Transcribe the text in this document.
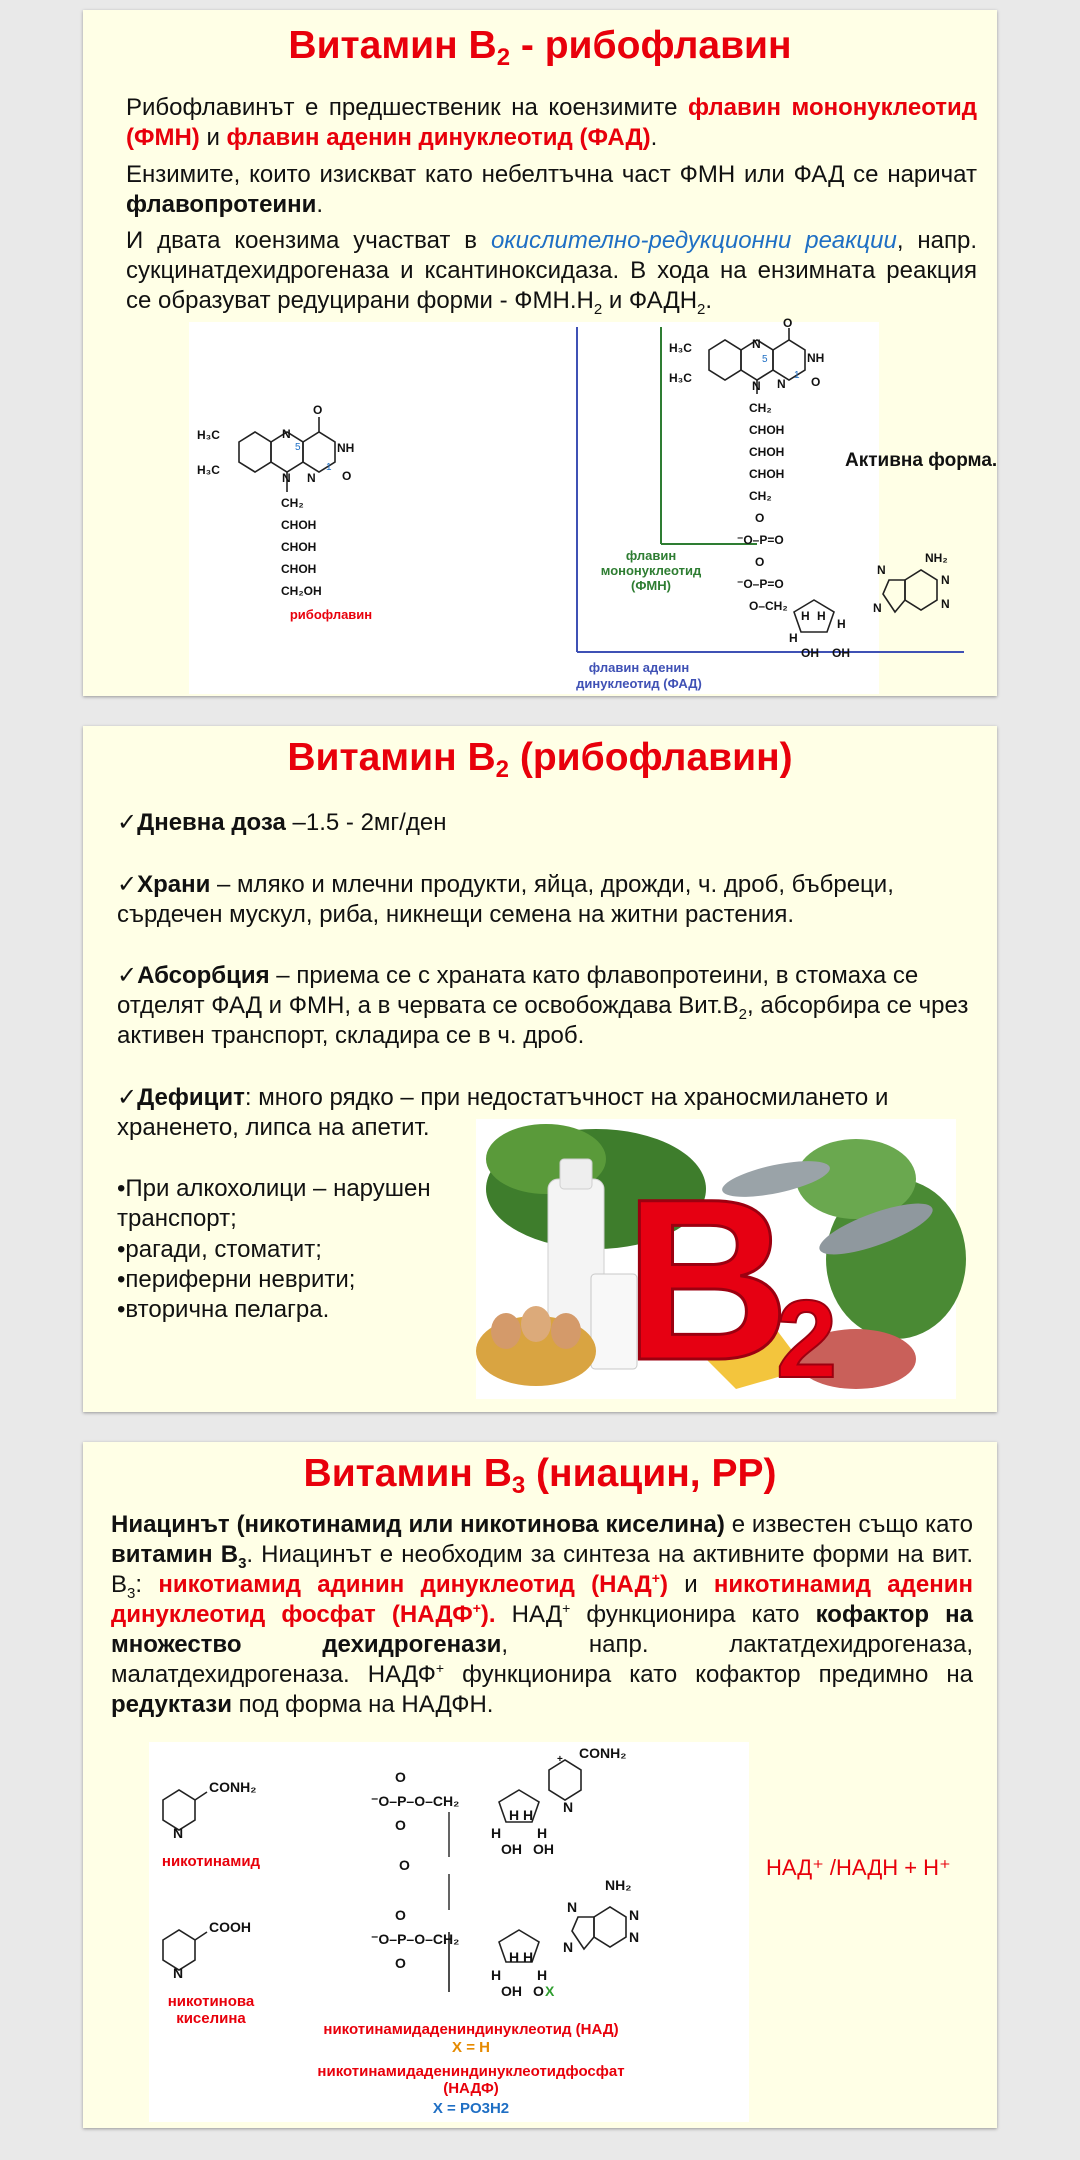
Витамин $B_2$ - рибофлавин

Рибофлавинът е предшественик на коензимите флавин мононуклеотид (ФМН) и флавин аденин динуклеотид (ФАД).

Ензимите, които изискват като небелтъчна част ФМН или ФАД се наричат флавопротеини.

И двата коензима участват в окислително-редукционни реакции, напр. сукцинатдехидрогеназа и ксантиноксидаза. В хода на ензимната реакция се образуват редуцирани форми - $ФМН.Н_2$ и $ФАДН_2$.

H₃C
H₃C
N
N
NH
O
N O
CH₂
CHOH
CHOH
CHOH
CH₂OH
5
1
рибофлавин
H₃C
H₃C
N
N
NH
O
N O
CH₂
CHOH
CHOH
CHOH
CH₂
O
⁻O–P=O
O
⁻O–P=O
O–CH₂
NH₂
N
N
N
N
H
H
H
H
OH OH
5
1
Активна форма.
флавин
мононуклеотид
(ФМН)
флавин аденин
динуклеотид (ФАД)
Витамин $B_2$ (рибофлавин)

✓Дневна доза –1.5 - 2мг/ден

✓Храни – мляко и млечни продукти, яйца, дрожди, ч. дроб, бъбреци, сърдечен мускул, риба, никнещи семена на житни растения.

✓Абсорбция – приема се с храната като флавопротеини, в стомаха се отделят ФАД и ФМН, а в червата се освобождава $Вит.В_2$, абсорбира се чрез активен транспорт, складира се в ч. дроб.

✓Дефицит: много рядко – при недостатъчност на храносмилането и храненето, липса на апетит.

•При алкохолици – нарушен транспорт;

•рагади, стоматит;

•периферни неврити;

•вторична пелагра.	B
2
Витамин $B_3$ (ниацин, PP)

Ниацинът (никотинамид или никотинова киселина) е известен също като витамин $В_3$. Ниацинът е необходим за синтеза на активните форми на вит. $В_3$: никотиамид адинин динуклеотид (НАД+) и никотинамид аденин динуклеотид фосфат (НАДФ+). НАД+ функционира като кофактор на множество дехидрогенази, напр. лактатдехидрогеназа, малатдехидрогеназа. НАДФ+ функционира като кофактор предимно на редуктази под форма на НАДФН.

CONH₂
N
COOH
N
CONH₂
N
+
O
⁻O–P–O–CH₂
O
O
O
⁻O–P–O–CH₂
O
H	H
H H
OH OH
NH₂
N	N
N
N
H	H
H H
OH O X
никотинамид
никотинова
киселина
никотинамидадениндинуклеотид (НАД)
X = H
никотинамидадениндинуклеотидфосфат
(НАДФ)
X = PO3H2
НАД⁺ /НАДН + Н⁺
